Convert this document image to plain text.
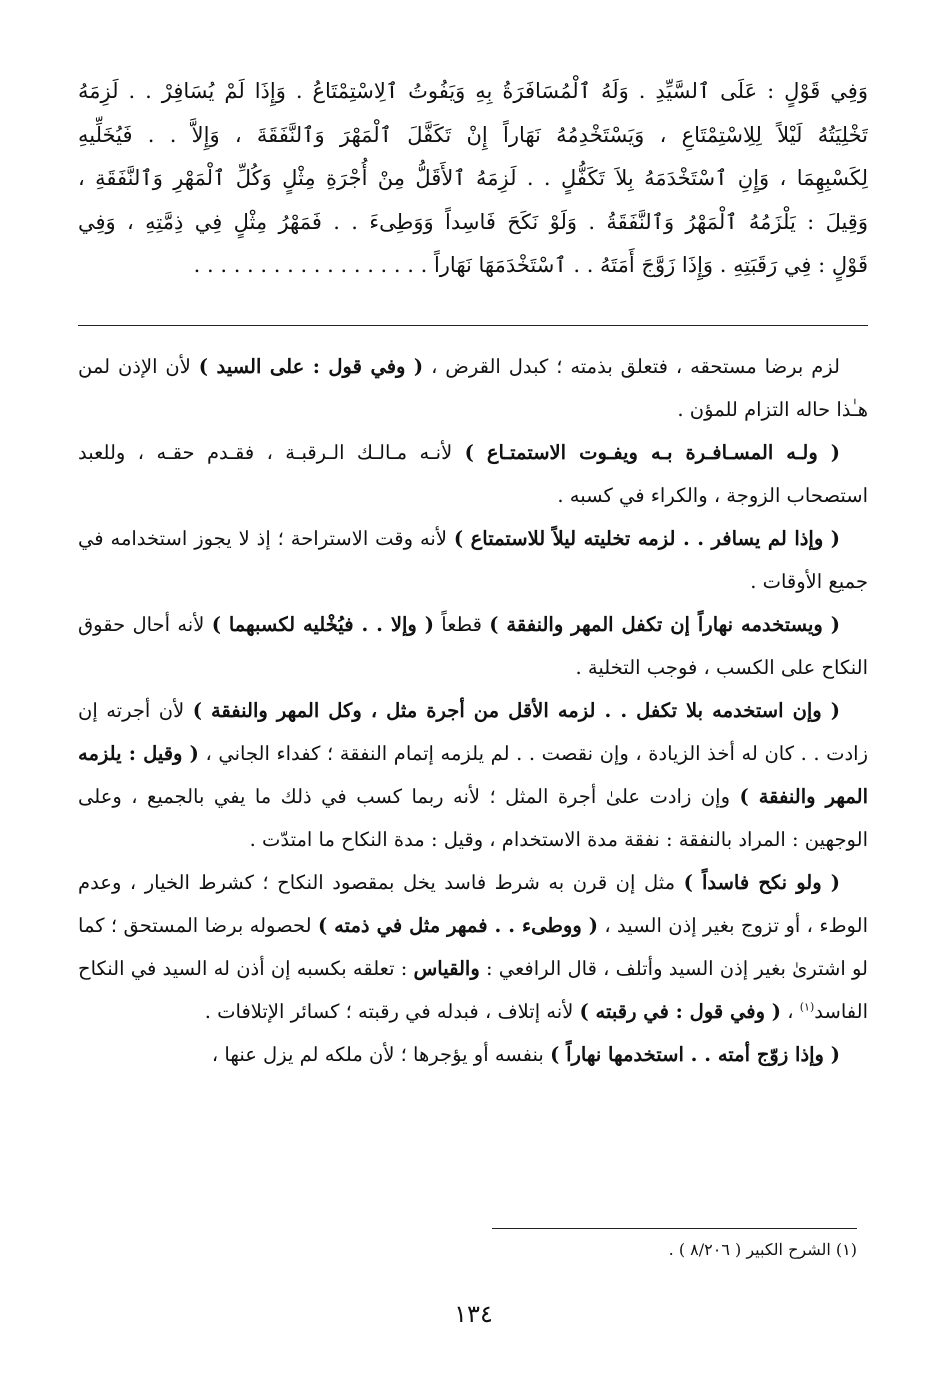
وَفِي قَوْلٍ : عَلَى ٱلسَّيِّدِ . وَلَهُ ٱلْمُسَافَرَةُ بِهِ وَيَفُوتُ ٱلِاسْتِمْتَاعُ . وَإِذَا لَمْ يُسَافِرْ . . لَزِمَهُ
تَخْلِيَتُهُ لَيْلاً لِلِاسْتِمْتَاعِ ، وَيَسْتَخْدِمُهُ نَهَاراً إِنْ تَكَفَّلَ ٱلْمَهْرَ وَٱلنَّفَقَةَ ، وَإِلاَّ . . فَيُخَلِّيهِ
لِكَسْبِهِمَا ، وَإِنِ ٱسْتَخْدَمَهُ بِلاَ تَكَفُّلٍ . . لَزِمَهُ ٱلأَقَلُّ مِنْ أُجْرَةِ مِثْلٍ وَكُلِّ ٱلْمَهْرِ وَٱلنَّفَقَةِ ،
وَقِيلَ : يَلْزَمُهُ ٱلْمَهْرُ وَٱلنَّفَقَةُ . وَلَوْ نَكَحَ فَاسِداً وَوَطِىءَ . . فَمَهْرُ مِثْلٍ فِي ذِمَّتِهِ ، وَفِي
قَوْلٍ : فِي رَقَبَتِهِ . وَإِذَا زَوَّجَ أَمَتَهُ . . ٱسْتَخْدَمَهَا نَهَاراً . . . . . . . . . . . . . . . . . .

لزم برضا مستحقه ، فتعلق بذمته ؛ كبدل القرض ، ( وفي قول : على السيد ) لأن الإذن لمن هـٰذا حاله التزام للمؤن .

( ولـه المسـافـرة بـه ويفـوت الاستمتـاع ) لأنـه مـالـك الـرقبـة ، فقـدم حقـه ، وللعبد استصحاب الزوجة ، والكراء في كسبه .

( وإذا لم يسافر . . لزمه تخليته ليلاً للاستمتاع ) لأنه وقت الاستراحة ؛ إذ لا يجوز استخدامه في جميع الأوقات .

( ويستخدمه نهاراً إن تكفل المهر والنفقة ) قطعاً ( وإلا . . فيُخْليه لكسبهما ) لأنه أحال حقوق النكاح على الكسب ، فوجب التخلية .

( وإن استخدمه بلا تكفل . . لزمه الأقل من أجرة مثل ، وكل المهر والنفقة ) لأن أجرته إن زادت . . كان له أخذ الزيادة ، وإن نقصت . . لم يلزمه إتمام النفقة ؛ كفداء الجاني ، ( وقيل : يلزمه المهر والنفقة ) وإن زادت علىٰ أجرة المثل ؛ لأنه ربما كسب في ذلك ما يفي بالجميع ، وعلى الوجهين : المراد بالنفقة : نفقة مدة الاستخدام ، وقيل : مدة النكاح ما امتدّت .

( ولو نكح فاسداً ) مثل إن قرن به شرط فاسد يخل بمقصود النكاح ؛ كشرط الخيار ، وعدم الوطء ، أو تزوج بغير إذن السيد ، ( ووطىء . . فمهر مثل في ذمته ) لحصوله برضا المستحق ؛ كما لو اشترىٰ بغير إذن السيد وأتلف ، قال الرافعي : والقياس : تعلقه بكسبه إن أذن له السيد في النكاح الفاسد$^{(١)}$ ، ( وفي قول : في رقبته ) لأنه إتلاف ، فبدله في رقبته ؛ كسائر الإتلافات .

( وإذا زوّج أمته . . استخدمها نهاراً ) بنفسه أو يؤجرها ؛ لأن ملكه لم يزل عنها ،

(١) الشرح الكبير ( ٨/٢٠٦ ) .
١٣٤
